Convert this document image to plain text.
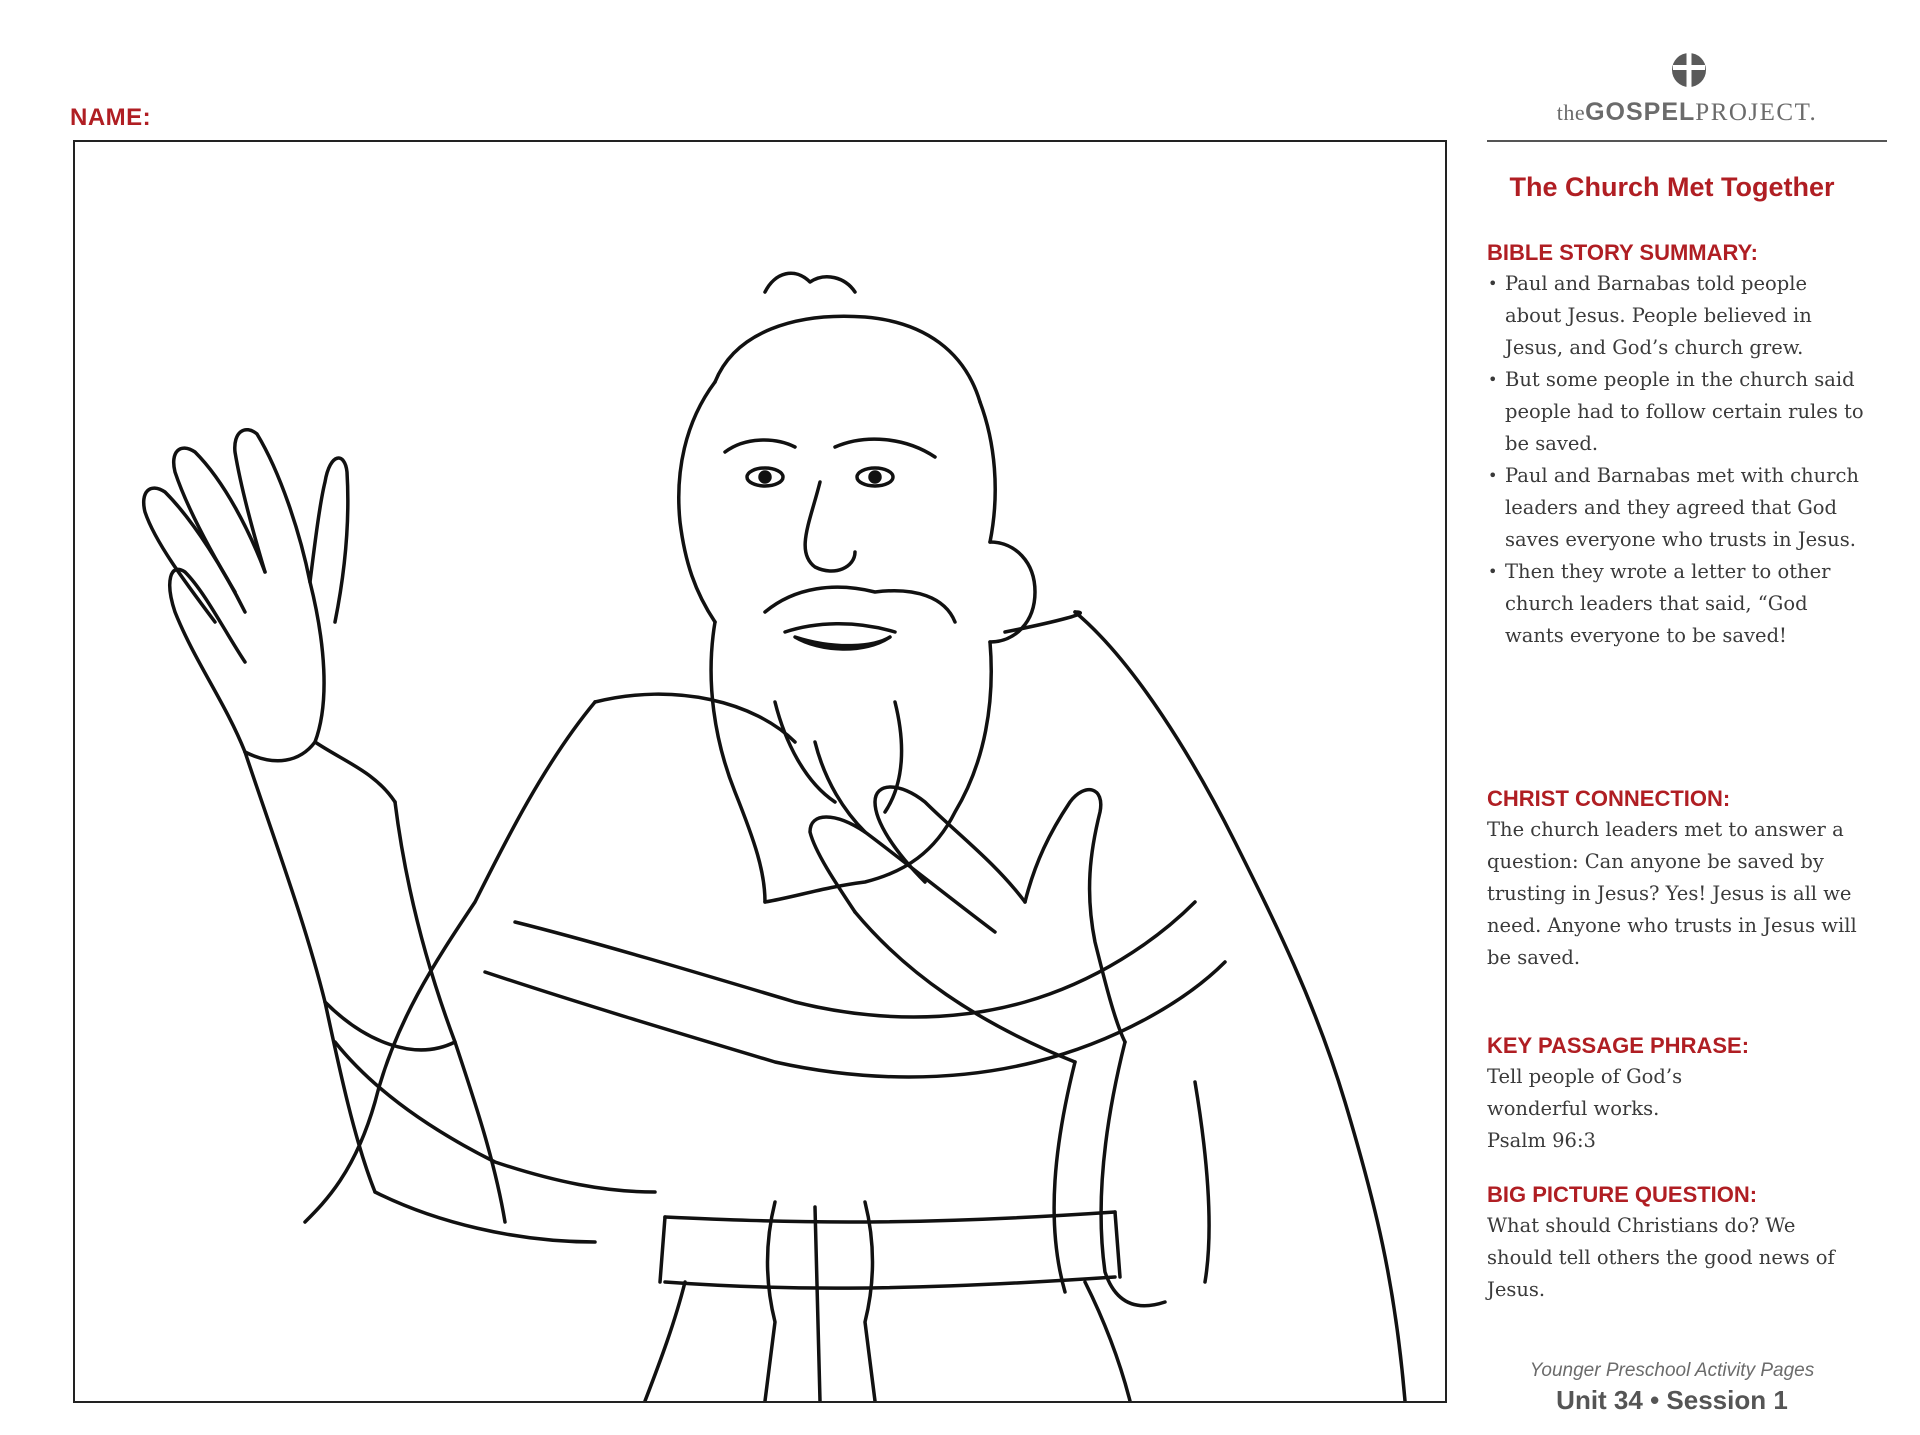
NAME:	theGOSPELPROJECT.
The Church Met Together
BIBLE STORY SUMMARY:
• Paul and Barnabas told people about Jesus. People believed in Jesus, and God’s church grew.
• But some people in the church said people had to follow certain rules to be saved.
• Paul and Barnabas met with church leaders and they agreed that God saves everyone who trusts in Jesus.
• Then they wrote a letter to other church leaders that said, “God wants everyone to be saved!
CHRIST CONNECTION:

The church leaders met to answer a question: Can anyone be saved by trusting in Jesus? Yes! Jesus is all we need. Anyone who trusts in Jesus will be saved.

KEY PASSAGE PHRASE:

Tell people of God’s wonderful works.

Psalm 96:3

BIG PICTURE QUESTION:

What should Christians do? We should tell others the good news of Jesus.

Younger Preschool Activity Pages
Unit 34 • Session 1
